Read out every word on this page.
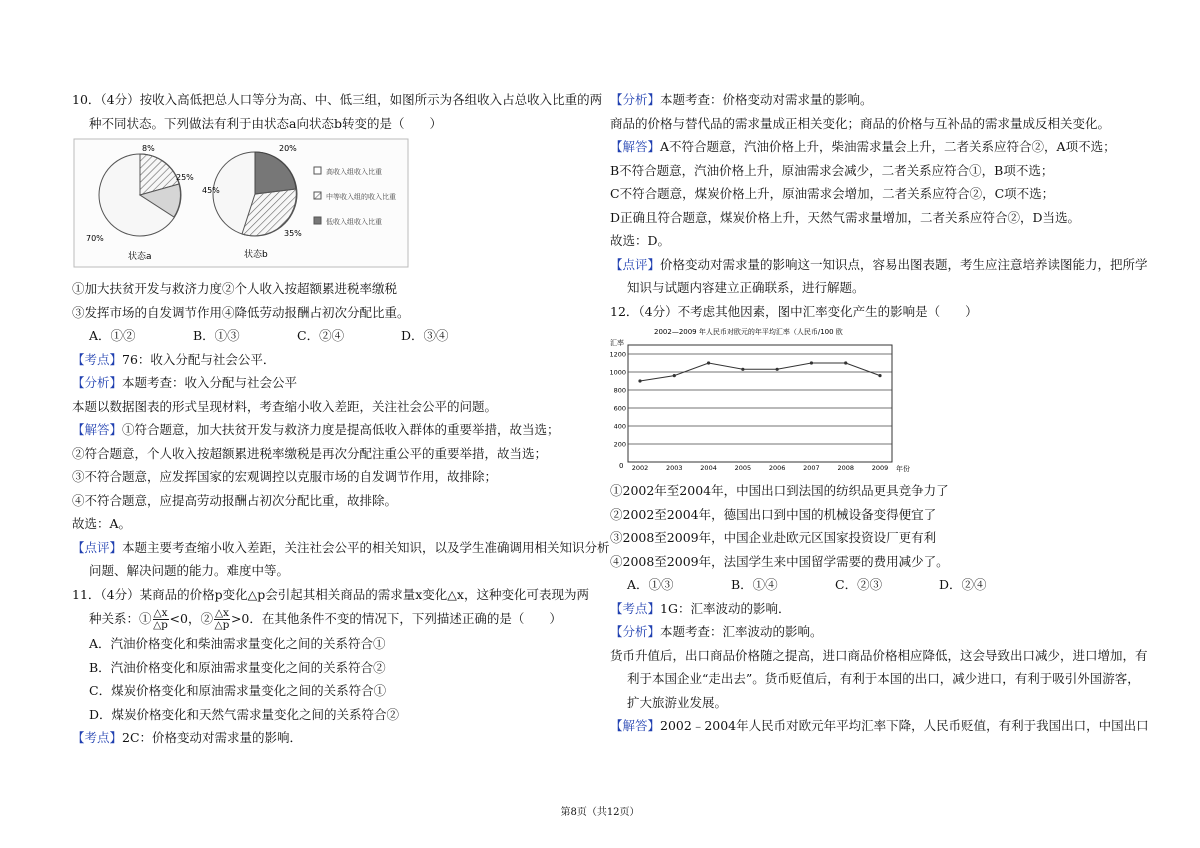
10．（4分）按收入高低把总人口等分为高、中、低三组，如图所示为各组收入占总收入比重的两
种不同状态。下列做法有利于由状态a向状态b转变的是（　　）
8%
25%
70%
状态a
20%
45%
35%
状态b
高收入组收入比重
中等收入组的收入比重
低收入组收入比重
①加大扶贫开发与救济力度②个人收入按超额累进税率缴税
③发挥市场的自发调节作用④降低劳动报酬占初次分配比重。
A．①②	B．①③	C．②④	D．③④
【考点】76：收入分配与社会公平．
【分析】本题考查：收入分配与社会公平
本题以数据图表的形式呈现材料，考查缩小收入差距，关注社会公平的问题。
【解答】①符合题意，加大扶贫开发与救济力度是提高低收入群体的重要举措，故当选；
②符合题意，个人收入按超额累进税率缴税是再次分配注重公平的重要举措，故当选；
③不符合题意，应发挥国家的宏观调控以克服市场的自发调节作用，故排除；
④不符合题意，应提高劳动报酬占初次分配比重，故排除。
故选：A。
【点评】本题主要考查缩小收入差距，关注社会公平的相关知识，以及学生准确调用相关知识分析
问题、解决问题的能力。难度中等。
11．（4分）某商品的价格p变化△p会引起其相关商品的需求量x变化△x，这种变化可表现为两
种关系：① $\frac{\triangle x}{\triangle p} <0$，② $\frac{\triangle x}{\triangle p} >0$．在其他条件不变的情况下，下列描述正确的是（　　）
A．汽油价格变化和柴油需求量变化之间的关系符合①
B．汽油价格变化和原油需求量变化之间的关系符合②
C．煤炭价格变化和原油需求量变化之间的关系符合①
D．煤炭价格变化和天然气需求量变化之间的关系符合②
【考点】2C：价格变动对需求量的影响．
【分析】本题考查：价格变动对需求量的影响。
商品的价格与替代品的需求量成正相关变化；商品的价格与互补品的需求量成反相关变化。
【解答】A不符合题意，汽油价格上升，柴油需求量会上升，二者关系应符合②，A项不选；
B不符合题意，汽油价格上升，原油需求会减少，二者关系应符合①，B项不选；
C不符合题意，煤炭价格上升，原油需求会增加，二者关系应符合②，C项不选；
D正确且符合题意，煤炭价格上升，天然气需求量增加，二者关系应符合②，D当选。
故选：D。
【点评】价格变动对需求量的影响这一知识点，容易出图表题，考生应注意培养读图能力，把所学
知识与试题内容建立正确联系，进行解题。
12．（4分）不考虑其他因素，图中汇率变化产生的影响是（　　）
2002—2009 年人民币对欧元的年平均汇率（人民币/100 欧
汇率
年份
0
200
400
600
800
1000
1200
2002	2003	2004	2005	2006	2007	2008	2009
①2002年至2004年，中国出口到法国的纺织品更具竞争力了
②2002至2004年，德国出口到中国的机械设备变得便宜了
③2008至2009年，中国企业赴欧元区国家投资设厂更有利
④2008至2009年，法国学生来中国留学需要的费用减少了。
A．①③	B．①④	C．②③	D．②④
【考点】1G：汇率波动的影响．
【分析】本题考查：汇率波动的影响。
货币升值后，出口商品价格随之提高，进口商品价格相应降低，这会导致出口减少，进口增加，有
利于本国企业“走出去”。货币贬值后，有利于本国的出口，减少进口，有利于吸引外国游客，
扩大旅游业发展。
【解答】2002﹣2004年人民币对欧元年平均汇率下降，人民币贬值，有利于我国出口，中国出口
第8页（共12页）
